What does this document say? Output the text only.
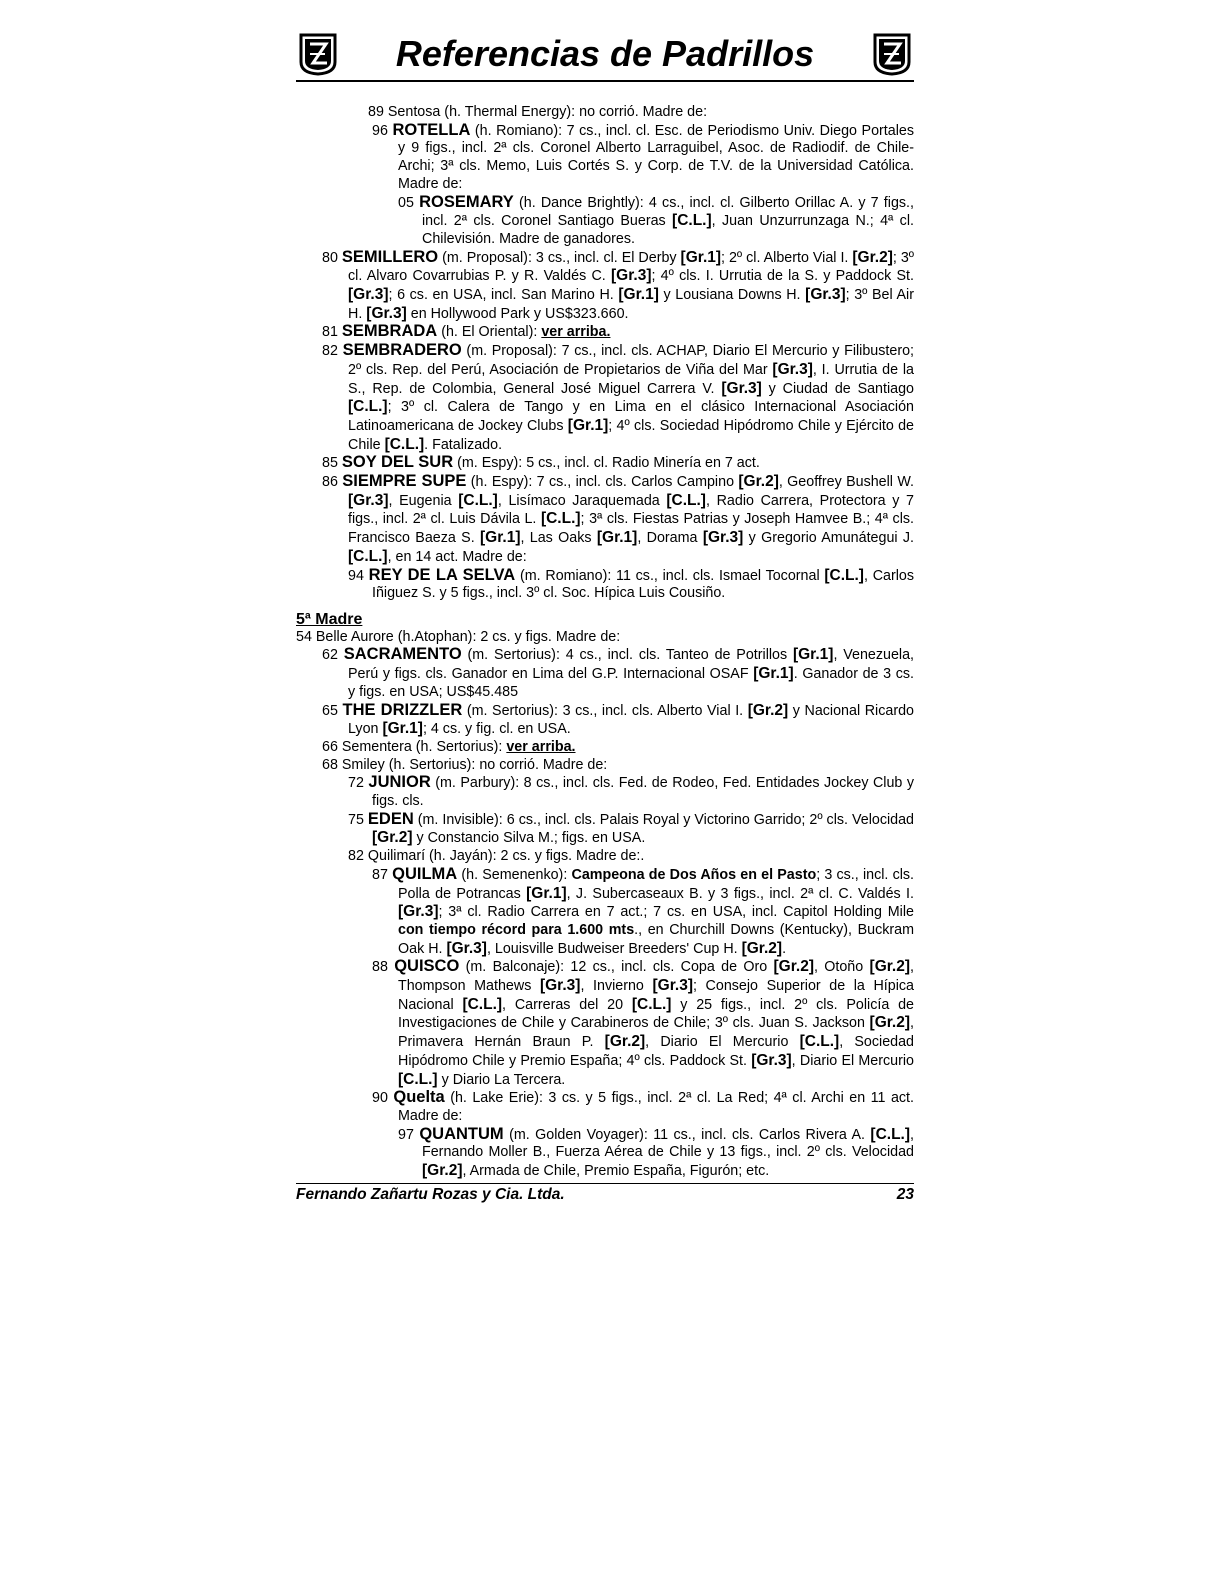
Referencias de Padrillos
89 Sentosa (h. Thermal Energy): no corrió. Madre de:
96 ROTELLA (h. Romiano): 7 cs., incl. cl. Esc. de Periodismo Univ. Diego Portales y 9 figs., incl. 2ª cls. Coronel Alberto Larraguibel, Asoc. de Radiodif. de Chile-Archi; 3ª cls. Memo, Luis Cortés S. y Corp. de T.V. de la Universidad Católica. Madre de:
05 ROSEMARY (h. Dance Brightly): 4 cs., incl. cl. Gilberto Orillac A. y 7 figs., incl. 2ª cls. Coronel Santiago Bueras [C.L.], Juan Unzurrunzaga N.; 4ª cl. Chilevisión. Madre de ganadores.
80 SEMILLERO (m. Proposal): 3 cs., incl. cl. El Derby [Gr.1]; 2º cl. Alberto Vial I. [Gr.2]; 3º cl. Alvaro Covarrubias P. y R. Valdés C. [Gr.3]; 4º cls. I. Urrutia de la S. y Paddock St. [Gr.3]; 6 cs. en USA, incl. San Marino H. [Gr.1] y Lousiana Downs H. [Gr.3]; 3º Bel Air H. [Gr.3] en Hollywood Park y US$323.660.
81 SEMBRADA (h. El Oriental): ver arriba.
82 SEMBRADERO (m. Proposal): 7 cs., incl. cls. ACHAP, Diario El Mercurio y Filibustero; 2º cls. Rep. del Perú, Asociación de Propietarios de Viña del Mar [Gr.3], I. Urrutia de la S., Rep. de Colombia, General José Miguel Carrera V. [Gr.3] y Ciudad de Santiago [C.L.]; 3º cl. Calera de Tango y en Lima en el clásico Internacional Asociación Latinoamericana de Jockey Clubs [Gr.1]; 4º cls. Sociedad Hipódromo Chile y Ejército de Chile [C.L.]. Fatalizado.
85 SOY DEL SUR (m. Espy): 5 cs., incl. cl. Radio Minería en 7 act.
86 SIEMPRE SUPE (h. Espy): 7 cs., incl. cls. Carlos Campino [Gr.2], Geoffrey Bushell W. [Gr.3], Eugenia [C.L.], Lisímaco Jaraquemada [C.L.], Radio Carrera, Protectora y 7 figs., incl. 2ª cl. Luis Dávila L. [C.L.]; 3ª cls. Fiestas Patrias y Joseph Hamvee B.; 4ª cls. Francisco Baeza S. [Gr.1], Las Oaks [Gr.1], Dorama [Gr.3] y Gregorio Amunátegui J. [C.L.], en 14 act. Madre de:
94 REY DE LA SELVA (m. Romiano): 11 cs., incl. cls. Ismael Tocornal [C.L.], Carlos Iñiguez S. y 5 figs., incl. 3º cl. Soc. Hípica Luis Cousiño.
5ª Madre
54 Belle Aurore (h.Atophan): 2 cs. y figs. Madre de:
62 SACRAMENTO (m. Sertorius): 4 cs., incl. cls. Tanteo de Potrillos [Gr.1], Venezuela, Perú y figs. cls. Ganador en Lima del G.P. Internacional OSAF [Gr.1]. Ganador de 3 cs. y figs. en USA; US$45.485
65 THE DRIZZLER (m. Sertorius): 3 cs., incl. cls. Alberto Vial I. [Gr.2] y Nacional Ricardo Lyon [Gr.1]; 4 cs. y fig. cl. en USA.
66 Sementera (h. Sertorius): ver arriba.
68 Smiley (h. Sertorius): no corrió. Madre de:
72 JUNIOR (m. Parbury): 8 cs., incl. cls. Fed. de Rodeo, Fed. Entidades Jockey Club y figs. cls.
75 EDEN (m. Invisible): 6 cs., incl. cls. Palais Royal y Victorino Garrido; 2º cls. Velocidad [Gr.2] y Constancio Silva M.; figs. en USA.
82 Quilimarí (h. Jayán): 2 cs. y figs. Madre de:.
87 QUILMA (h. Semenenko): Campeona de Dos Años en el Pasto; 3 cs., incl. cls. Polla de Potrancas [Gr.1], J. Subercaseaux B. y 3 figs., incl. 2ª cl. C. Valdés I. [Gr.3]; 3ª cl. Radio Carrera en 7 act.; 7 cs. en USA, incl. Capitol Holding Mile con tiempo récord para 1.600 mts., en Churchill Downs (Kentucky), Buckram Oak H. [Gr.3], Louisville Budweiser Breeders' Cup H. [Gr.2].
88 QUISCO (m. Balconaje): 12 cs., incl. cls. Copa de Oro [Gr.2], Otoño [Gr.2], Thompson Mathews [Gr.3], Invierno [Gr.3]; Consejo Superior de la Hípica Nacional [C.L.], Carreras del 20 [C.L.] y 25 figs., incl. 2º cls. Policía de Investigaciones de Chile y Carabineros de Chile; 3º cls. Juan S. Jackson [Gr.2], Primavera Hernán Braun P. [Gr.2], Diario El Mercurio [C.L.], Sociedad Hipódromo Chile y Premio España; 4º cls. Paddock St. [Gr.3], Diario El Mercurio [C.L.] y Diario La Tercera.
90 Quelta (h. Lake Erie): 3 cs. y 5 figs., incl. 2ª cl. La Red; 4ª cl. Archi en 11 act. Madre de:
97 QUANTUM (m. Golden Voyager): 11 cs., incl. cls. Carlos Rivera A. [C.L.], Fernando Moller B., Fuerza Aérea de Chile y 13 figs., incl. 2º cls. Velocidad [Gr.2], Armada de Chile, Premio España, Figurón; etc.
Fernando Zañartu Rozas y Cia. Ltda.	23
